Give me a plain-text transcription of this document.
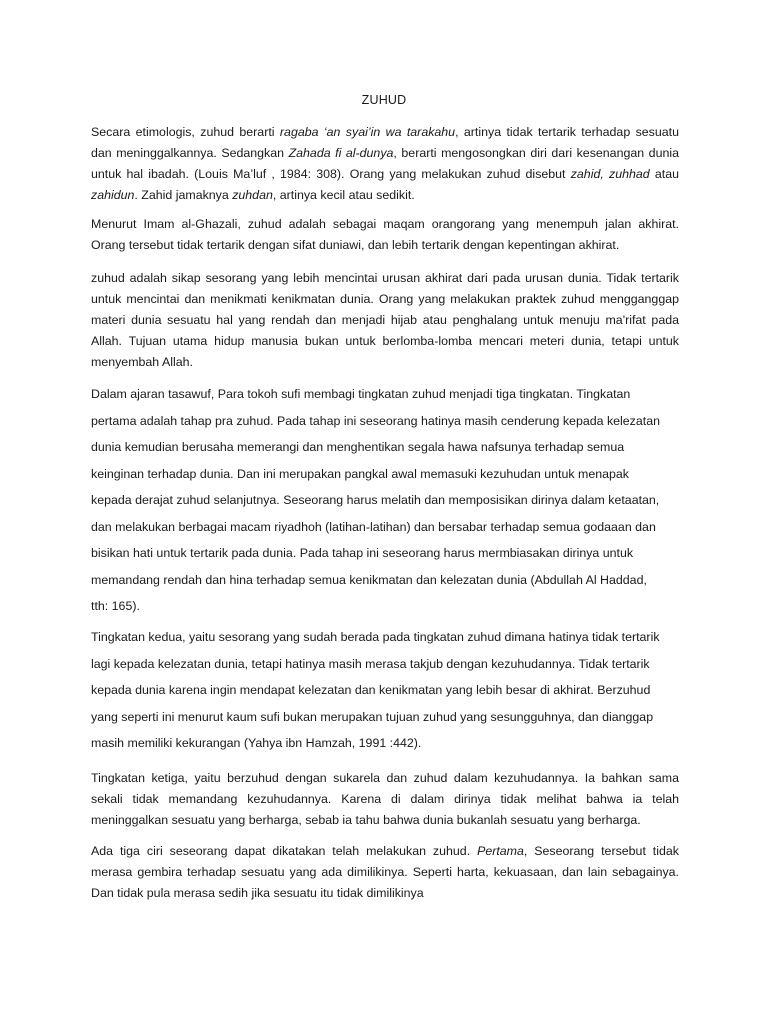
ZUHUD

Secara etimologis, zuhud berarti ragaba ‘an syai’in wa tarakahu, artinya tidak tertarik terhadap sesuatu
dan meninggalkannya. Sedangkan Zahada fi al-dunya, berarti mengosongkan diri dari kesenangan dunia
untuk hal ibadah. (Louis Ma’luf , 1984: 308). Orang yang melakukan zuhud disebut zahid, zuhhad atau
zahidun. Zahid jamaknya zuhdan, artinya kecil atau sedikit.

Menurut Imam al-Ghazali, zuhud adalah sebagai maqam orangorang yang menempuh jalan akhirat.
Orang tersebut tidak tertarik dengan sifat duniawi, dan lebih tertarik dengan kepentingan akhirat.

zuhud adalah sikap sesorang yang lebih mencintai urusan akhirat dari pada urusan dunia. Tidak tertarik
untuk mencintai dan menikmati kenikmatan dunia. Orang yang melakukan praktek zuhud mengganggap
materi dunia sesuatu hal yang rendah dan menjadi hijab atau penghalang untuk menuju ma'rifat pada
Allah. Tujuan utama hidup manusia bukan untuk berlomba-lomba mencari meteri dunia, tetapi untuk
menyembah Allah.

Dalam ajaran tasawuf, Para tokoh sufi membagi tingkatan zuhud menjadi tiga tingkatan. Tingkatan
pertama adalah tahap pra zuhud. Pada tahap ini seseorang hatinya masih cenderung kepada kelezatan
dunia kemudian berusaha memerangi dan menghentikan segala hawa nafsunya terhadap semua
keinginan terhadap dunia. Dan ini merupakan pangkal awal memasuki kezuhudan untuk menapak
kepada derajat zuhud selanjutnya. Seseorang harus melatih dan memposisikan dirinya dalam ketaatan,
dan melakukan berbagai macam riyadhoh (latihan-latihan) dan bersabar terhadap semua godaaan dan
bisikan hati untuk tertarik pada dunia. Pada tahap ini seseorang harus mermbiasakan dirinya untuk
memandang rendah dan hina terhadap semua kenikmatan dan kelezatan dunia (Abdullah Al Haddad,
tth: 165).

Tingkatan kedua, yaitu sesorang yang sudah berada pada tingkatan zuhud dimana hatinya tidak tertarik
lagi kepada kelezatan dunia, tetapi hatinya masih merasa takjub dengan kezuhudannya. Tidak tertarik
kepada dunia karena ingin mendapat kelezatan dan kenikmatan yang lebih besar di akhirat. Berzuhud
yang seperti ini menurut kaum sufi bukan merupakan tujuan zuhud yang sesungguhnya, dan dianggap
masih memiliki kekurangan (Yahya ibn Hamzah, 1991 :442).

Tingkatan ketiga, yaitu berzuhud dengan sukarela dan zuhud dalam kezuhudannya. Ia bahkan sama
sekali tidak memandang kezuhudannya. Karena di dalam dirinya tidak melihat bahwa ia telah
meninggalkan sesuatu yang berharga, sebab ia tahu bahwa dunia bukanlah sesuatu yang berharga.

Ada tiga ciri seseorang dapat dikatakan telah melakukan zuhud. Pertama, Seseorang tersebut tidak
merasa gembira terhadap sesuatu yang ada dimilikinya. Seperti harta, kekuasaan, dan lain sebagainya.
Dan tidak pula merasa sedih jika sesuatu itu tidak dimilikinya
